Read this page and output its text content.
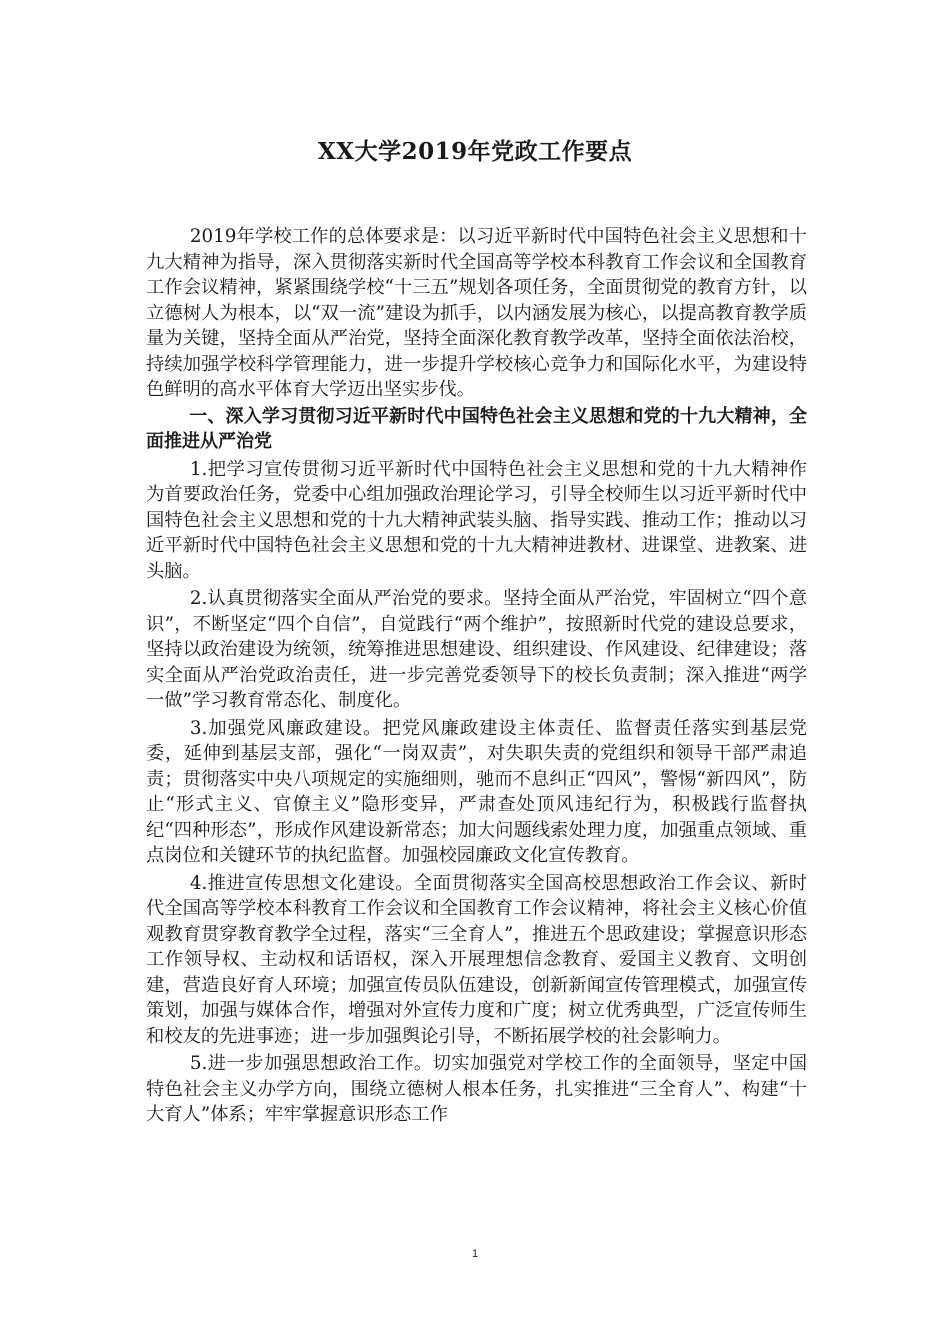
XX大学2019年党政工作要点

2019年学校工作的总体要求是：以习近平新时代中国特色社会主义思想和十九大精神为指导，深入贯彻落实新时代全国高等学校本科教育工作会议和全国教育工作会议精神，紧紧围绕学校“十三五”规划各项任务，全面贯彻党的教育方针，以立德树人为根本，以“双一流”建设为抓手，以内涵发展为核心，以提高教育教学质量为关键，坚持全面从严治党，坚持全面深化教育教学改革，坚持全面依法治校，持续加强学校科学管理能力，进一步提升学校核心竞争力和国际化水平，为建设特色鲜明的高水平体育大学迈出坚实步伐。

一、深入学习贯彻习近平新时代中国特色社会主义思想和党的十九大精神，全面推进从严治党

1.把学习宣传贯彻习近平新时代中国特色社会主义思想和党的十九大精神作为首要政治任务，党委中心组加强政治理论学习，引导全校师生以习近平新时代中国特色社会主义思想和党的十九大精神武装头脑、指导实践、推动工作；推动以习近平新时代中国特色社会主义思想和党的十九大精神进教材、进课堂、进教案、进头脑。

2.认真贯彻落实全面从严治党的要求。坚持全面从严治党，牢固树立“四个意识”，不断坚定“四个自信”，自觉践行“两个维护”，按照新时代党的建设总要求，坚持以政治建设为统领，统筹推进思想建设、组织建设、作风建设、纪律建设；落实全面从严治党政治责任，进一步完善党委领导下的校长负责制；深入推进“两学一做”学习教育常态化、制度化。

3.加强党风廉政建设。把党风廉政建设主体责任、监督责任落实到基层党委，延伸到基层支部，强化“一岗双责”，对失职失责的党组织和领导干部严肃追责；贯彻落实中央八项规定的实施细则，驰而不息纠正“四风”，警惕“新四风”，防止“形式主义、官僚主义”隐形变异，严肃查处顶风违纪行为，积极践行监督执纪“四种形态”，形成作风建设新常态；加大问题线索处理力度，加强重点领域、重点岗位和关键环节的执纪监督。加强校园廉政文化宣传教育。

4.推进宣传思想文化建设。全面贯彻落实全国高校思想政治工作会议、新时代全国高等学校本科教育工作会议和全国教育工作会议精神，将社会主义核心价值观教育贯穿教育教学全过程，落实“三全育人”，推进五个思政建设；掌握意识形态工作领导权、主动权和话语权，深入开展理想信念教育、爱国主义教育、文明创建，营造良好育人环境；加强宣传员队伍建设，创新新闻宣传管理模式，加强宣传策划，加强与媒体合作，增强对外宣传力度和广度；树立优秀典型，广泛宣传师生和校友的先进事迹；进一步加强舆论引导，不断拓展学校的社会影响力。

5.进一步加强思想政治工作。切实加强党对学校工作的全面领导，坚定中国特色社会主义办学方向，围绕立德树人根本任务，扎实推进“三全育人”、构建“十大育人”体系；牢牢掌握意识形态工作

1
